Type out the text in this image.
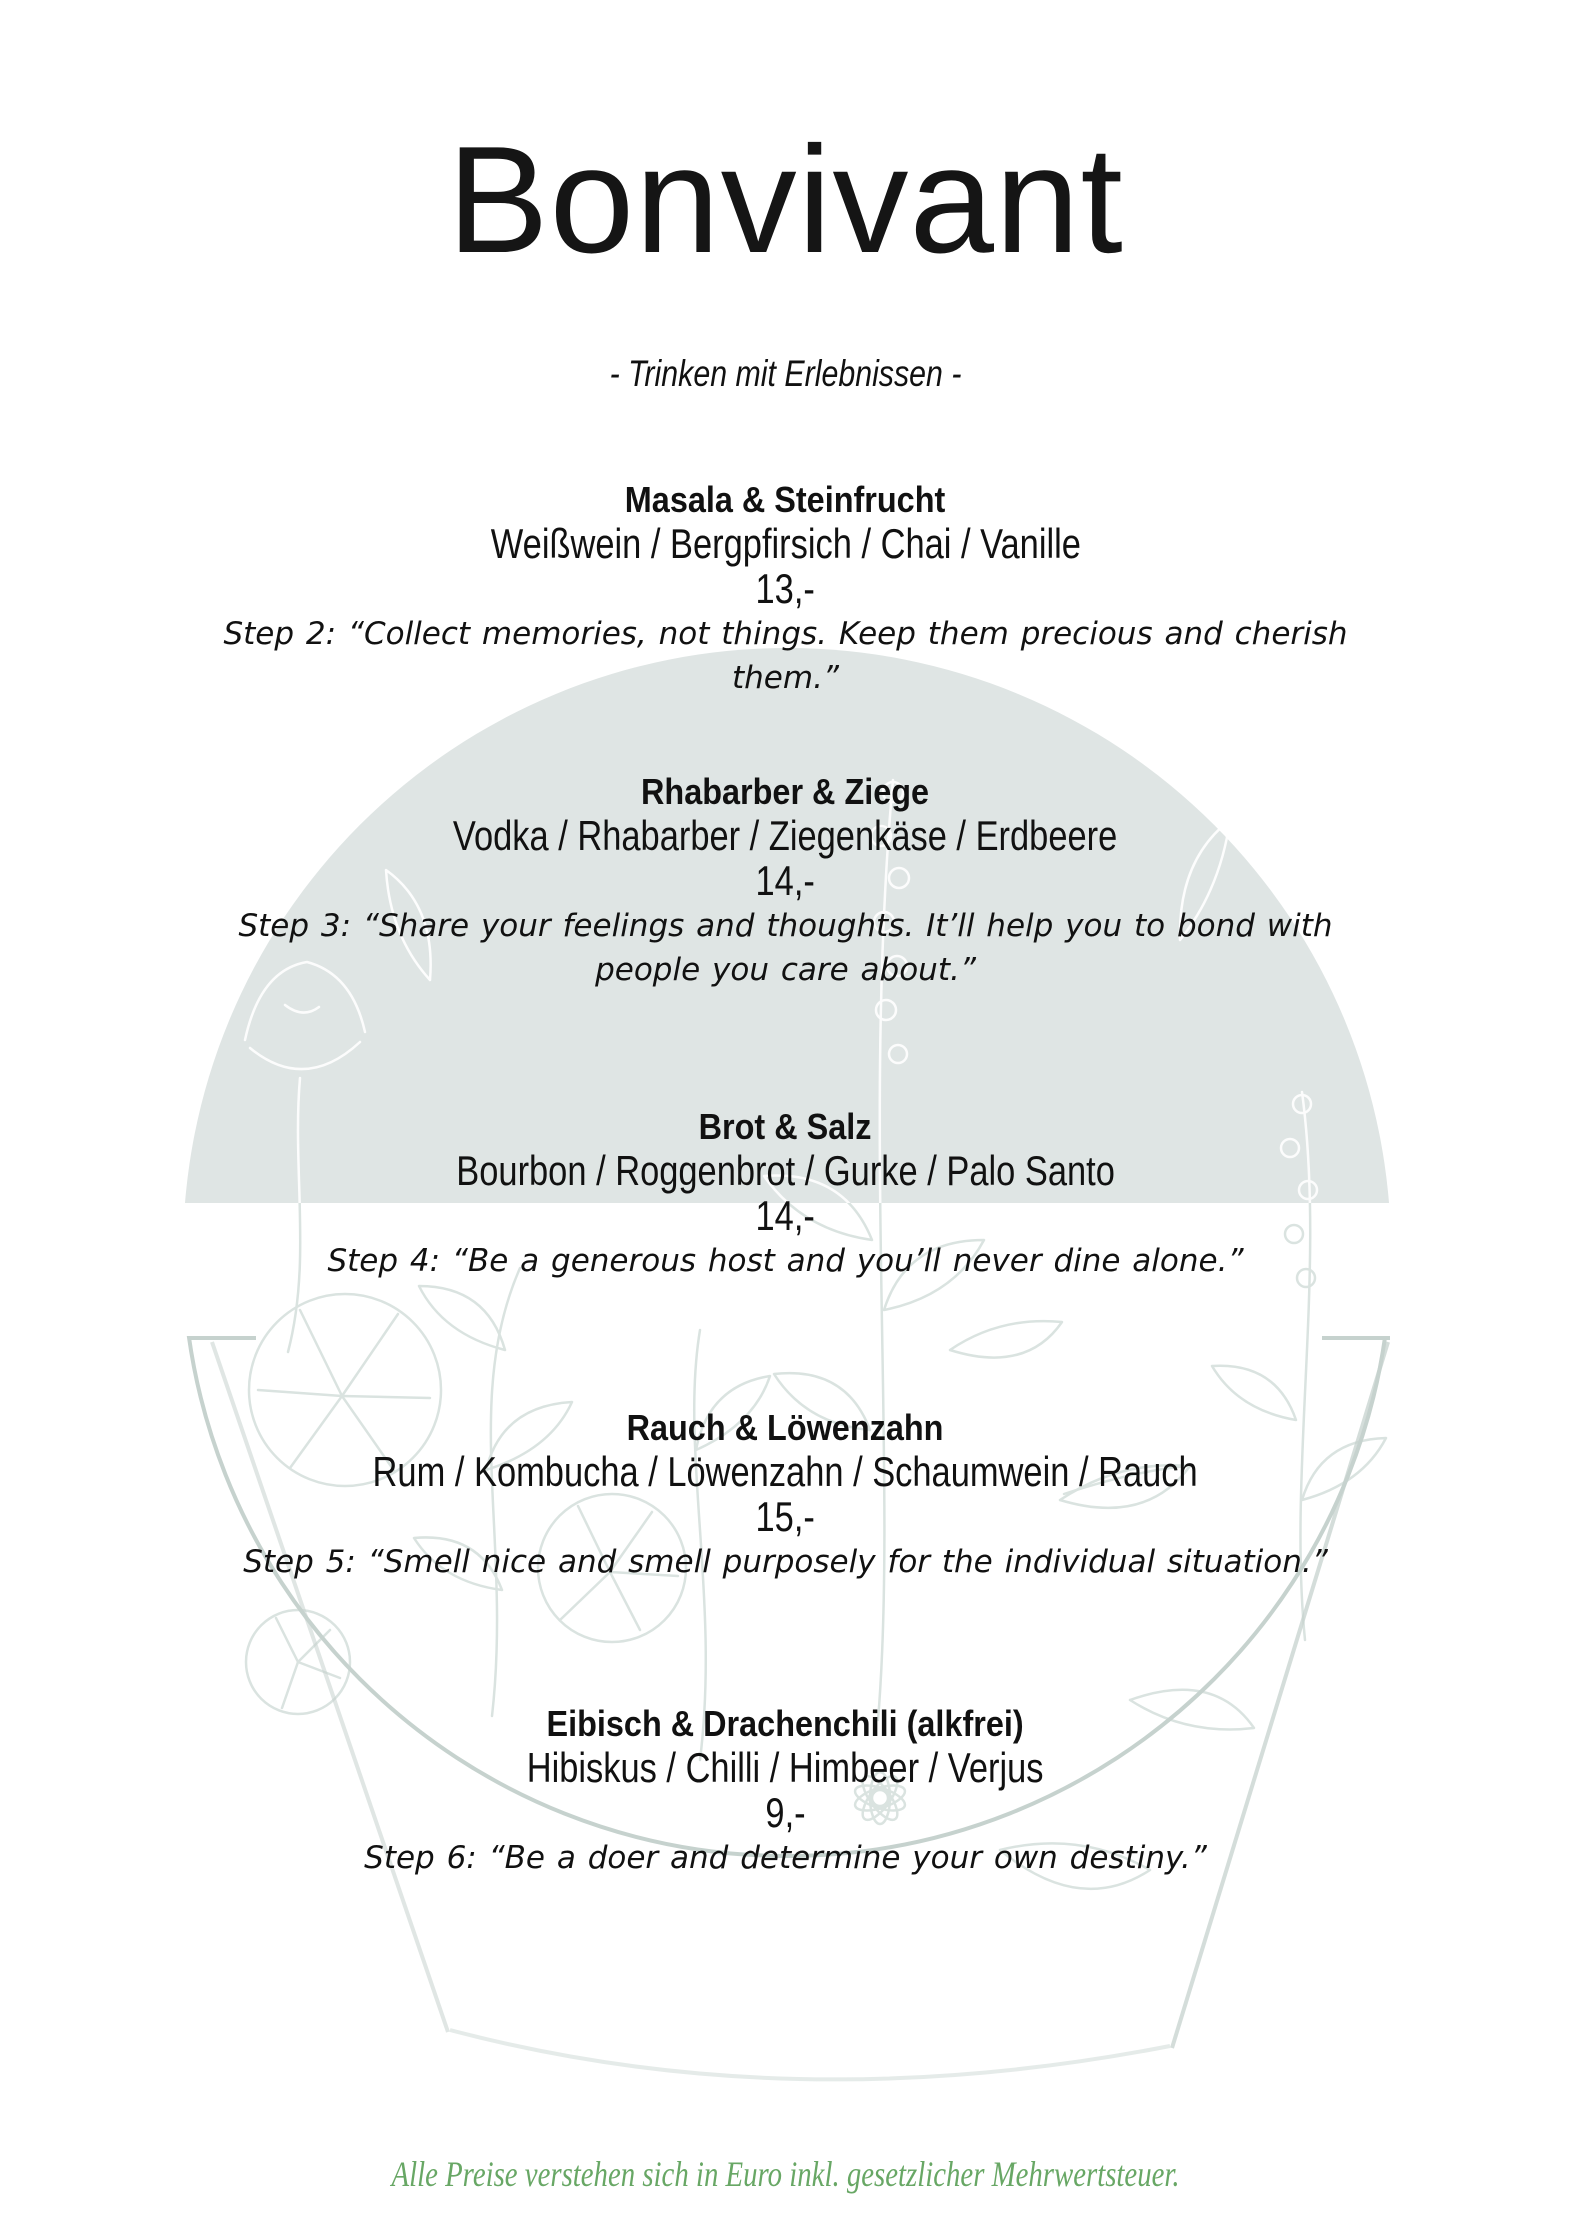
Bonvivant
- Trinken mit Erlebnissen -
Masala & Steinfrucht

Weißwein / Bergpfirsich / Chai / Vanille

13,-

Step 2: “Collect memories, not things. Keep them precious and cherish them.”

Rhabarber & Ziege

Vodka / Rhabarber / Ziegenkäse / Erdbeere

14,-

Step 3: “Share your feelings and thoughts. It’ll help you to bond with people you care about.”

Brot & Salz

Bourbon / Roggenbrot / Gurke / Palo Santo

14,-

Step 4: “Be a generous host and you’ll never dine alone.”

Rauch & Löwenzahn

Rum / Kombucha / Löwenzahn / Schaumwein / Rauch

15,-

Step 5: “Smell nice and smell purposely for the individual situation.”

Eibisch & Drachenchili (alkfrei)

Hibiskus / Chilli / Himbeer / Verjus

9,-

Step 6: “Be a doer and determine your own destiny.”

Alle Preise verstehen sich in Euro inkl. gesetzlicher Mehrwertsteuer.
